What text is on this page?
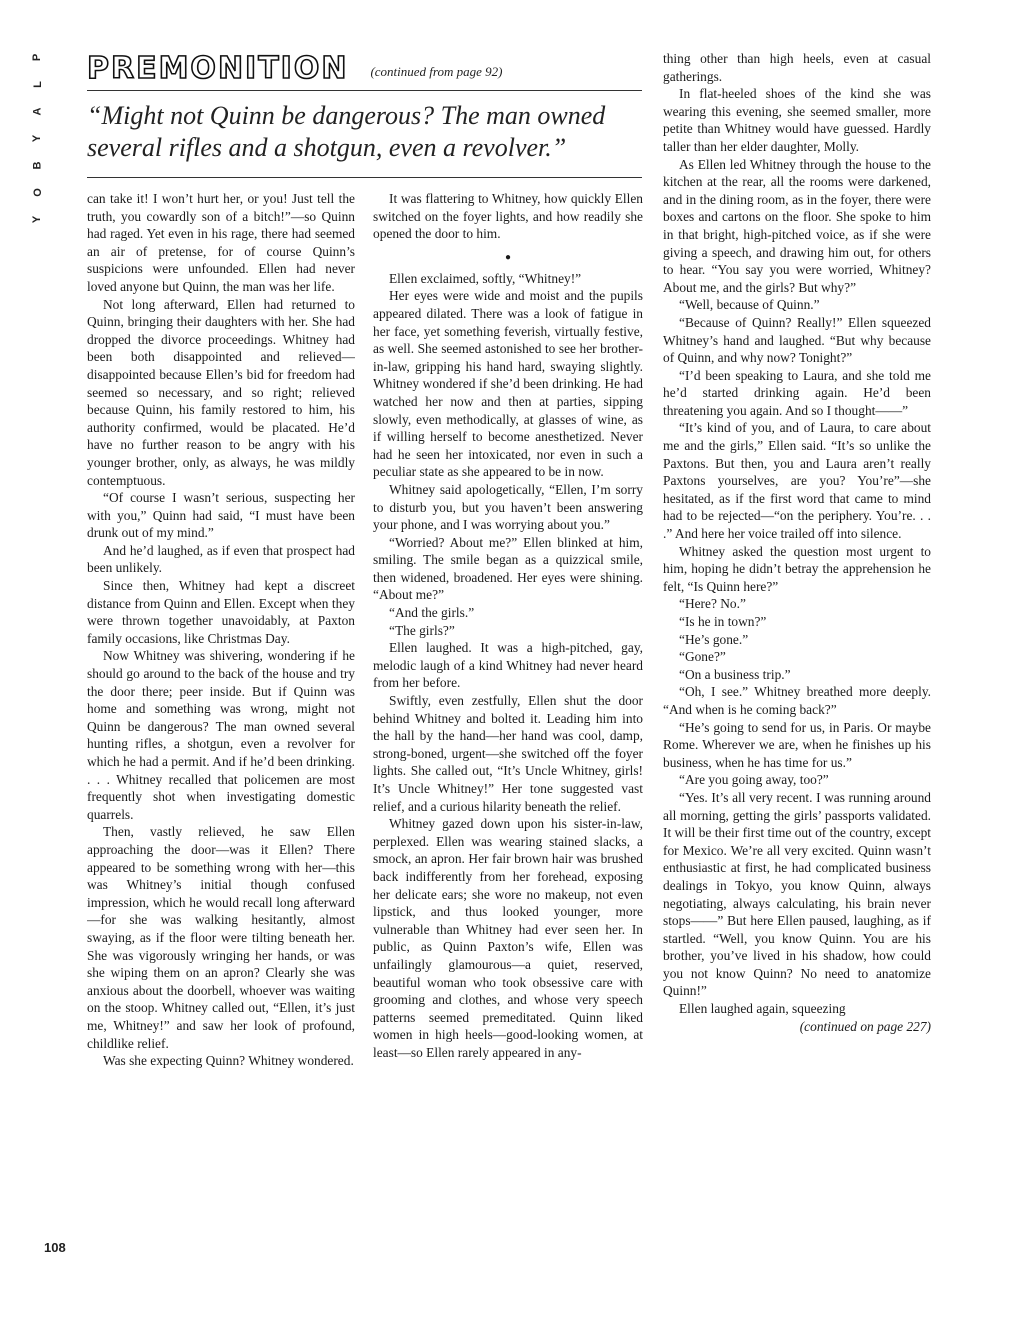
P
L
A
Y
B
O
Y
PREMONITION (continued from page 92)

“Might not Quinn be dangerous? The man owned several rifles and a shotgun, even a revolver.”

can take it! I won’t hurt her, or you! Just tell the truth, you cowardly son of a bitch!”—so Quinn had raged. Yet even in his rage, there had seemed an air of pretense, for of course Quinn’s suspicions were unfounded. Ellen had never loved anyone but Quinn, the man was her life.

Not long afterward, Ellen had returned to Quinn, bringing their daughters with her. She had dropped the divorce proceedings. Whitney had been both disappointed and relieved—disappointed because Ellen’s bid for freedom had seemed so necessary, and so right; relieved because Quinn, his family restored to him, his authority confirmed, would be placated. He’d have no further reason to be angry with his younger brother, only, as always, he was mildly contemptuous.

“Of course I wasn’t serious, suspecting her with you,” Quinn had said, “I must have been drunk out of my mind.”

And he’d laughed, as if even that prospect had been unlikely.

Since then, Whitney had kept a discreet distance from Quinn and Ellen. Except when they were thrown together unavoidably, at Paxton family occasions, like Christmas Day.

Now Whitney was shivering, wondering if he should go around to the back of the house and try the door there; peer inside. But if Quinn was home and something was wrong, might not Quinn be dangerous? The man owned several hunting rifles, a shotgun, even a revolver for which he had a permit. And if he’d been drinking. . . . Whitney recalled that policemen are most frequently shot when investigating domestic quarrels.

Then, vastly relieved, he saw Ellen approaching the door—was it Ellen? There appeared to be something wrong with her—this was Whitney’s initial though confused impression, which he would recall long afterward—for she was walking hesitantly, almost swaying, as if the floor were tilting beneath her. She was vigorously wringing her hands, or was she wiping them on an apron? Clearly she was anxious about the doorbell, whoever was waiting on the stoop. Whitney called out, “Ellen, it’s just me, Whitney!” and saw her look of profound, childlike relief.

Was she expecting Quinn? Whitney wondered.

It was flattering to Whitney, how quickly Ellen switched on the foyer lights, and how readily she opened the door to him.

●

Ellen exclaimed, softly, “Whitney!”

Her eyes were wide and moist and the pupils appeared dilated. There was a look of fatigue in her face, yet something feverish, virtually festive, as well. She seemed astonished to see her brother-in-law, gripping his hand hard, swaying slightly. Whitney wondered if she’d been drinking. He had watched her now and then at parties, sipping slowly, even methodically, at glasses of wine, as if willing herself to become anesthetized. Never had he seen her intoxicated, nor even in such a peculiar state as she appeared to be in now.

Whitney said apologetically, “Ellen, I’m sorry to disturb you, but you haven’t been answering your phone, and I was worrying about you.”

“Worried? About me?” Ellen blinked at him, smiling. The smile began as a quizzical smile, then widened, broadened. Her eyes were shining. “About me?”

“And the girls.”

“The girls?”

Ellen laughed. It was a high-pitched, gay, melodic laugh of a kind Whitney had never heard from her before.

Swiftly, even zestfully, Ellen shut the door behind Whitney and bolted it. Leading him into the hall by the hand—her hand was cool, damp, strong-boned, urgent—she switched off the foyer lights. She called out, “It’s Uncle Whitney, girls! It’s Uncle Whitney!” Her tone suggested vast relief, and a curious hilarity beneath the relief.

Whitney gazed down upon his sister-in-law, perplexed. Ellen was wearing stained slacks, a smock, an apron. Her fair brown hair was brushed back indifferently from her forehead, exposing her delicate ears; she wore no makeup, not even lipstick, and thus looked younger, more vulnerable than Whitney had ever seen her. In public, as Quinn Paxton’s wife, Ellen was unfailingly glamourous—a quiet, reserved, beautiful woman who took obsessive care with grooming and clothes, and whose very speech patterns seemed premeditated. Quinn liked women in high heels—good-looking women, at least—so Ellen rarely appeared in any-

thing other than high heels, even at casual gatherings.

In flat-heeled shoes of the kind she was wearing this evening, she seemed smaller, more petite than Whitney would have guessed. Hardly taller than her elder daughter, Molly.

As Ellen led Whitney through the house to the kitchen at the rear, all the rooms were darkened, and in the dining room, as in the foyer, there were boxes and cartons on the floor. She spoke to him in that bright, high-pitched voice, as if she were giving a speech, and drawing him out, for others to hear. “You say you were worried, Whitney? About me, and the girls? But why?”

“Well, because of Quinn.”

“Because of Quinn? Really!” Ellen squeezed Whitney’s hand and laughed. “But why because of Quinn, and why now? Tonight?”

“I’d been speaking to Laura, and she told me he’d started drinking again. He’d been threatening you again. And so I thought——”

“It’s kind of you, and of Laura, to care about me and the girls,” Ellen said. “It’s so unlike the Paxtons. But then, you and Laura aren’t really Paxtons yourselves, are you? You’re”—she hesitated, as if the first word that came to mind had to be rejected—“on the periphery. You’re. . . .” And here her voice trailed off into silence.

Whitney asked the question most urgent to him, hoping he didn’t betray the apprehension he felt, “Is Quinn here?”

“Here? No.”

“Is he in town?”

“He’s gone.”

“Gone?”

“On a business trip.”

“Oh, I see.” Whitney breathed more deeply. “And when is he coming back?”

“He’s going to send for us, in Paris. Or maybe Rome. Wherever we are, when he finishes up his business, when he has time for us.”

“Are you going away, too?”

“Yes. It’s all very recent. I was running around all morning, getting the girls’ passports validated. It will be their first time out of the country, except for Mexico. We’re all very excited. Quinn wasn’t enthusiastic at first, he had complicated business dealings in Tokyo, you know Quinn, always negotiating, always calculating, his brain never stops——” But here Ellen paused, laughing, as if startled. “Well, you know Quinn. You are his brother, you’ve lived in his shadow, how could you not know Quinn? No need to anatomize Quinn!”

Ellen laughed again, squeezing

(continued on page 227)
108
